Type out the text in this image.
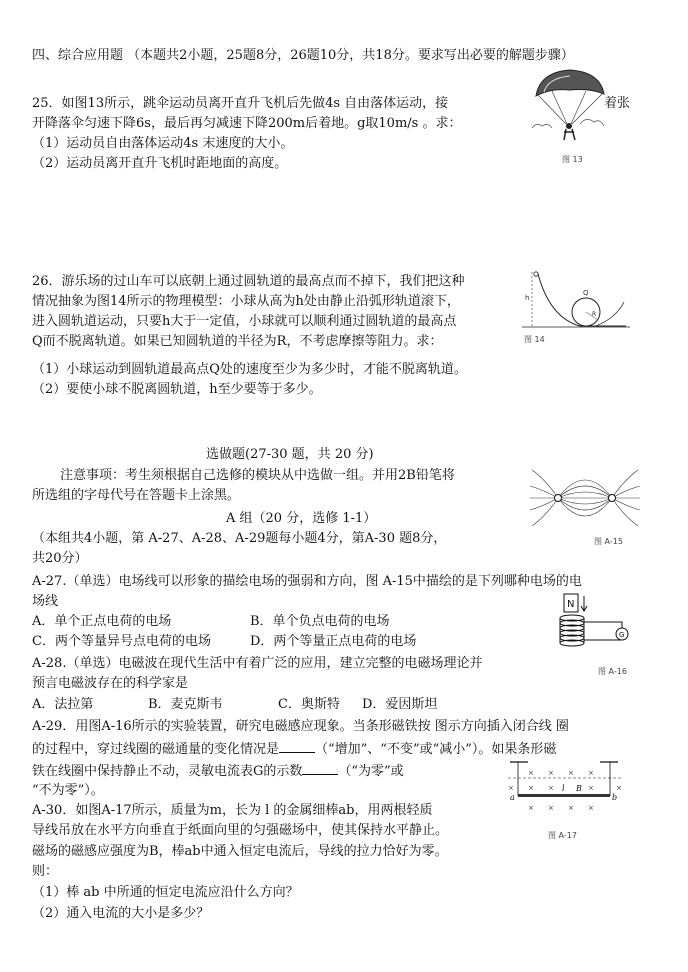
四、综合应用题 （本题共2小题，25题8分，26题10分，共18分。要求写出必要的解题步骤）
25．如图13所示，跳伞运动员离开直升飞机后先做4s 自由落体运动，接	着张
开降落伞匀速下降6s，最后再匀减速下降200m后着地。g取10m/s 。求：
（1）运动员自由落体运动4s 末速度的大小。
（2）运动员离开直升飞机时距地面的高度。	图 13
26．游乐场的过山车可以底朝上通过圆轨道的最高点而不掉下，我们把这种
情况抽象为图14所示的物理模型：小球从高为h处由静止沿弧形轨道滚下，
进入圆轨道运动，只要h大于一定值，小球就可以顺利通过圆轨道的最高点
Q而不脱离轨道。如果已知圆轨道的半径为R，不考虑摩擦等阻力。求：
（1）小球运动到圆轨道最高点Q处的速度至少为多少时，才能不脱离轨道。
（2）要使小球不脱离圆轨道，h至少要等于多少。
h
Q
R
图 14
选做题(27-30 题，共 20 分)
注意事项：考生须根据自己选修的模块从中选做一组。并用2B铅笔将
所选组的字母代号在答题卡上涂黑。
A 组（20 分，选修 1-1）
（本组共4小题，第 A-27、A-28、A-29题每小题4分，第A-30 题8分，
共20分）
图 A-15
A-27.（单选）电场线可以形象的描绘电场的强弱和方向，图 A-15中描绘的是下列哪种电场的电
场线
A．单个正点电荷的电场	B．单个负点电荷的电场
C．两个等量异号点电荷的电场	D．两个等量正点电荷的电场
N
G
图 A-16
A-28.（单选）电磁波在现代生活中有着广泛的应用，建立完整的电磁场理论并
预言电磁波存在的科学家是
A．法拉第	B．麦克斯韦	C．奥斯特 D．爱因斯坦
A-29．用图A-16所示的实验装置，研究电磁感应现象。当条形磁铁按 图示方向插入闭合线 圈
的过程中，穿过线圈的磁通量的变化情况是	（“增加”、“不变”或“减小”）。如果条形磁
铁在线圈中保持静止不动，灵敏电流表G的示数	（“为零”或
“不为零”）。
× × × ×
× ×	×
× × × ×
×	×
a	b
l B
图 A-17
A-30．如图A-17所示，质量为m，长为 l 的金属细棒ab，用两根轻质
导线吊放在水平方向垂直于纸面向里的匀强磁场中，使其保持水平静止。
磁场的磁感应强度为B，棒ab中通入恒定电流后，导线的拉力恰好为零。
则：
（1）棒 ab 中所通的恒定电流应沿什么方向？
（2）通入电流的大小是多少？
